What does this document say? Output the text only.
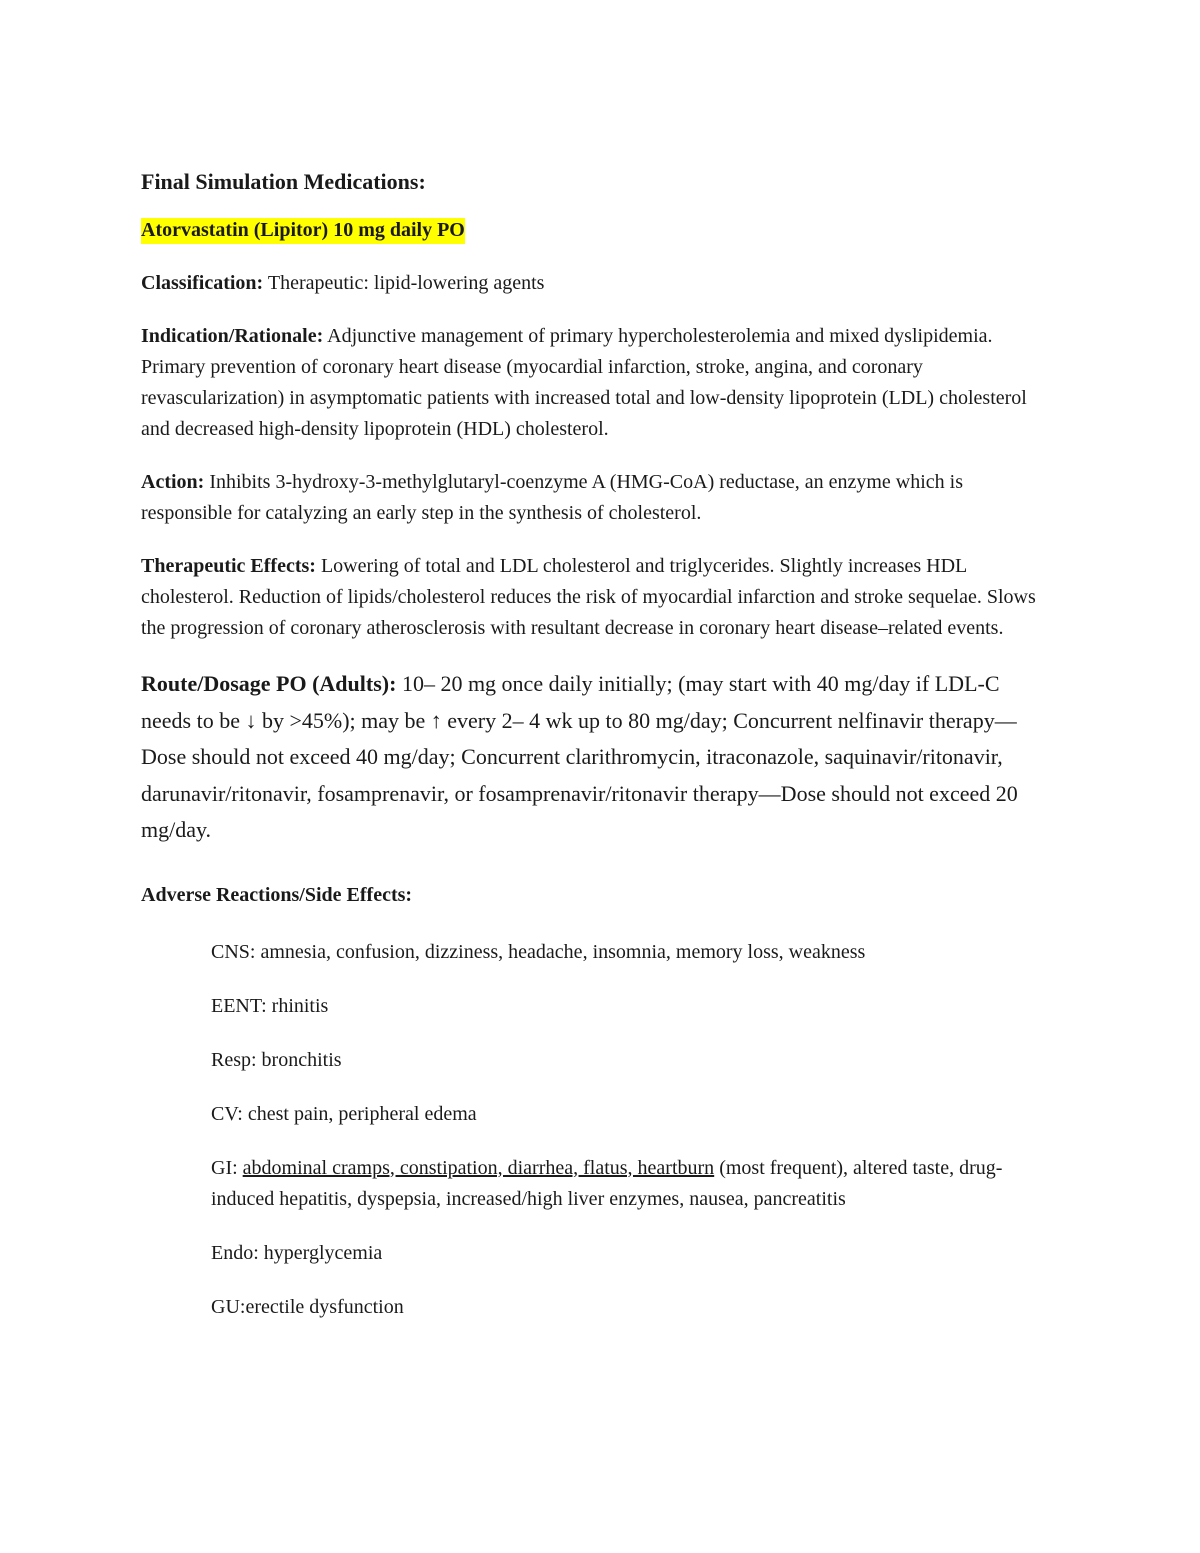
Final Simulation Medications:
Atorvastatin (Lipitor) 10 mg daily PO
Classification: Therapeutic: lipid-lowering agents
Indication/Rationale: Adjunctive management of primary hypercholesterolemia and mixed dyslipidemia. Primary prevention of coronary heart disease (myocardial infarction, stroke, angina, and coronary revascularization) in asymptomatic patients with increased total and low-density lipoprotein (LDL) cholesterol and decreased high-density lipoprotein (HDL) cholesterol.
Action: Inhibits 3-hydroxy-3-methylglutaryl-coenzyme A (HMG-CoA) reductase, an enzyme which is responsible for catalyzing an early step in the synthesis of cholesterol.
Therapeutic Effects: Lowering of total and LDL cholesterol and triglycerides. Slightly increases HDL cholesterol. Reduction of lipids/cholesterol reduces the risk of myocardial infarction and stroke sequelae. Slows the progression of coronary atherosclerosis with resultant decrease in coronary heart disease–related events.
Route/Dosage PO (Adults): 10– 20 mg once daily initially; (may start with 40 mg/day if LDL-C needs to be ↓ by >45%); may be ↑ every 2– 4 wk up to 80 mg/day; Concurrent nelfinavir therapy—Dose should not exceed 40 mg/day; Concurrent clarithromycin, itraconazole, saquinavir/ritonavir, darunavir/ritonavir, fosamprenavir, or fosamprenavir/ritonavir therapy—Dose should not exceed 20 mg/day.
Adverse Reactions/Side Effects:
CNS: amnesia, confusion, dizziness, headache, insomnia, memory loss, weakness
EENT: rhinitis
Resp: bronchitis
CV: chest pain, peripheral edema
GI: abdominal cramps, constipation, diarrhea, flatus, heartburn (most frequent), altered taste, drug-induced hepatitis, dyspepsia, increased/high liver enzymes, nausea, pancreatitis
Endo: hyperglycemia
GU:erectile dysfunction
